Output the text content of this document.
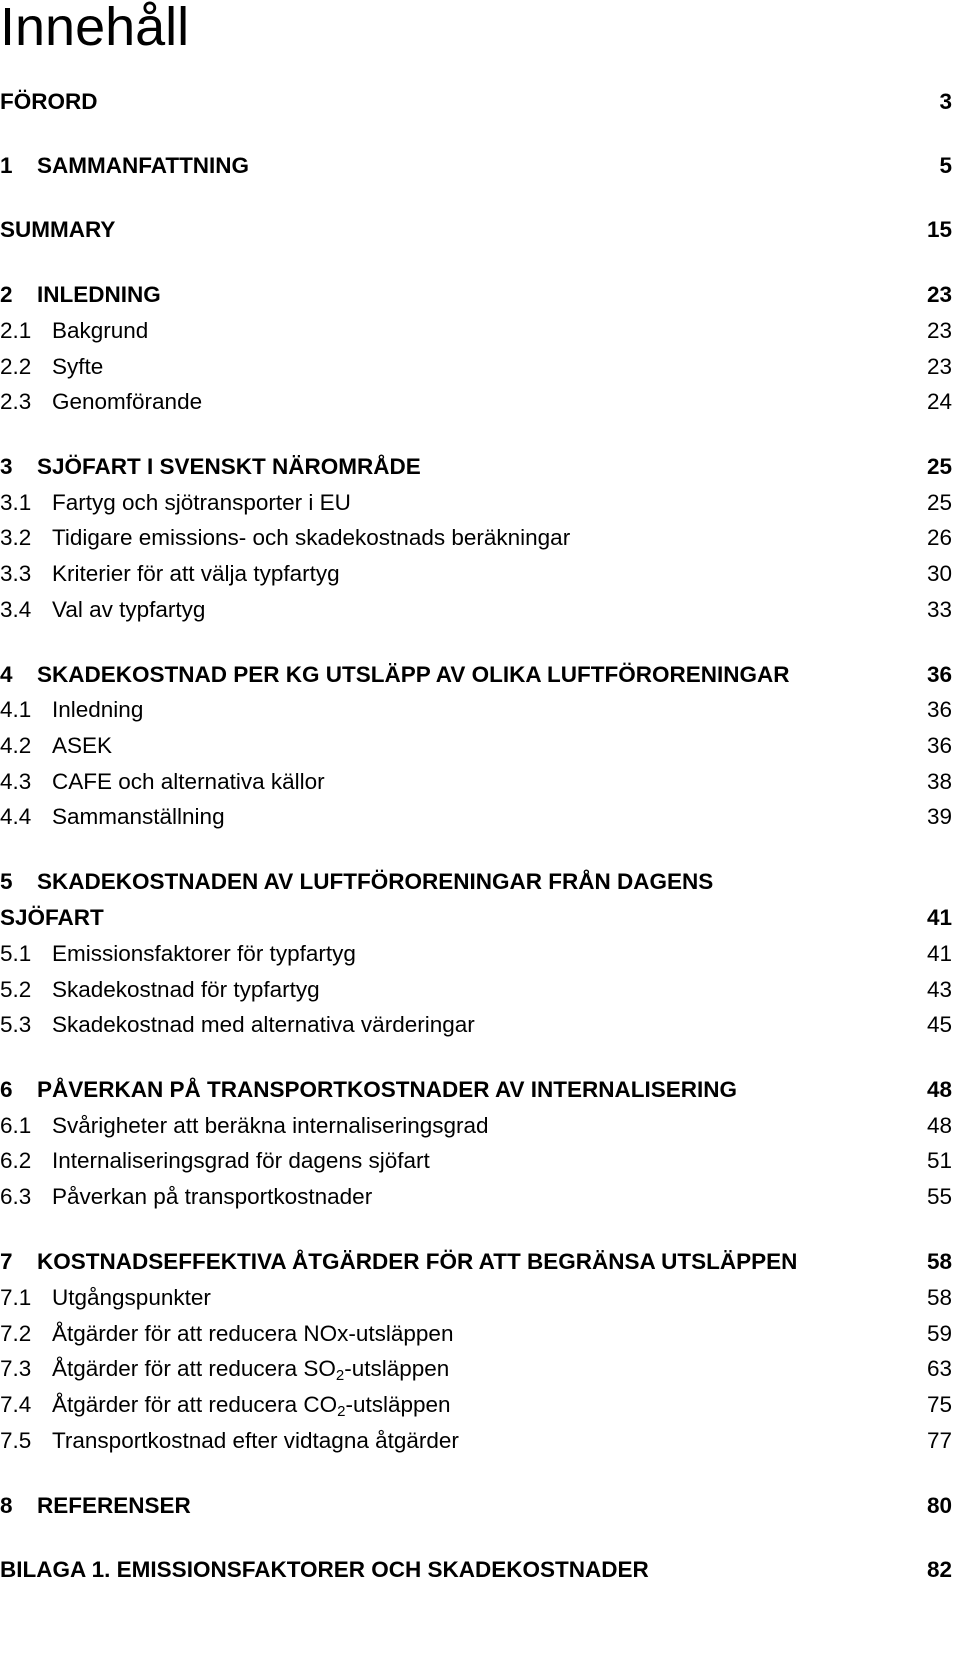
Innehåll
FÖRORD	3
1 SAMMANFATTNING	5
SUMMARY	15
2 INLEDNING	23
2.1 Bakgrund	23
2.2 Syfte	23
2.3 Genomförande	24
3 SJÖFART I SVENSKT NÄROMRÅDE	25
3.1 Fartyg och sjötransporter i EU	25
3.2 Tidigare emissions- och skadekostnads beräkningar	26
3.3 Kriterier för att välja typfartyg	30
3.4 Val av typfartyg	33
4 SKADEKOSTNAD PER KG UTSLÄPP AV OLIKA LUFTFÖRORENINGAR	36
4.1 Inledning	36
4.2 ASEK	36
4.3 CAFE och alternativa källor	38
4.4 Sammanställning	39
5 SKADEKOSTNADEN AV LUFTFÖRORENINGAR FRÅN DAGENS
SJÖFART	41
5.1 Emissionsfaktorer för typfartyg	41
5.2 Skadekostnad för typfartyg	43
5.3 Skadekostnad med alternativa värderingar	45
6 PÅVERKAN PÅ TRANSPORTKOSTNADER AV INTERNALISERING	48
6.1 Svårigheter att beräkna internaliseringsgrad	48
6.2 Internaliseringsgrad för dagens sjöfart	51
6.3 Påverkan på transportkostnader	55
7 KOSTNADSEFFEKTIVA ÅTGÄRDER FÖR ATT BEGRÄNSA UTSLÄPPEN	58
7.1 Utgångspunkter	58
7.2 Åtgärder för att reducera NOx-utsläppen	59
7.3 Åtgärder för att reducera $SO_2$-utsläppen	63
7.4 Åtgärder för att reducera $CO_2$-utsläppen	75
7.5 Transportkostnad efter vidtagna åtgärder	77
8 REFERENSER	80
BILAGA 1. EMISSIONSFAKTORER OCH SKADEKOSTNADER	82
